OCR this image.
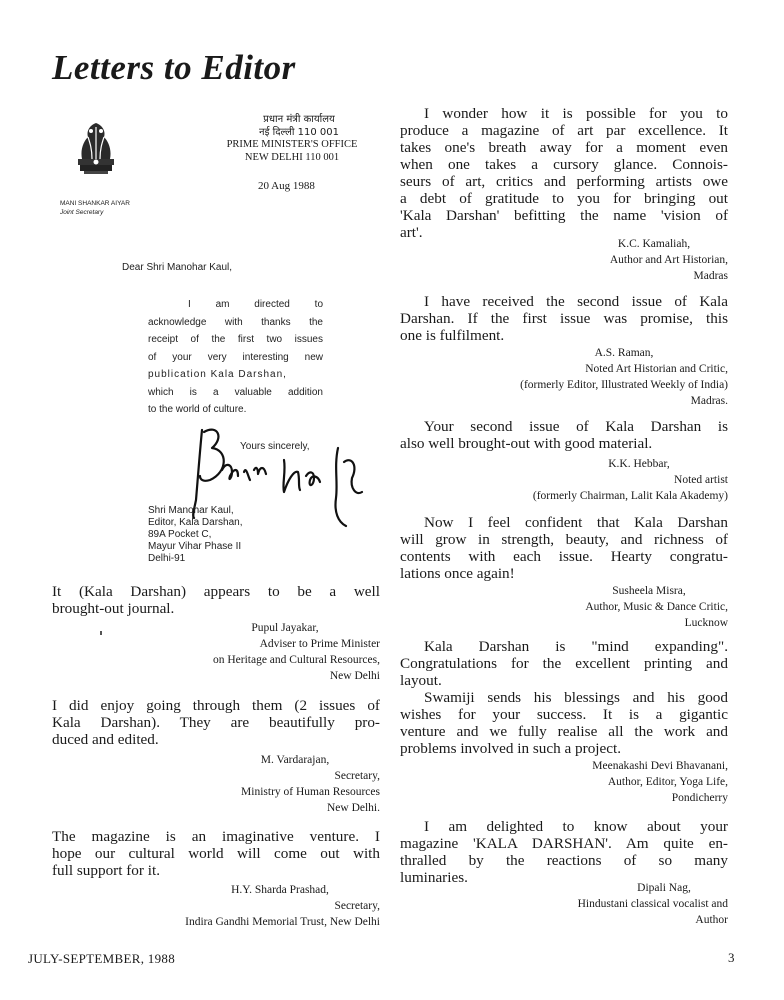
Letters to Editor
प्रधान मंत्री कार्यालय
नई दिल्ली 110 001
PRIME MINISTER'S OFFICE
NEW DELHI 110 001
20 Aug 1988
MANI SHANKAR AIYAR
Joint Secretary
Dear Shri Manohar Kaul,
I am directed to
acknowledge with thanks the
receipt of the first two issues
of your very interesting new
publication Kala Darshan,
which is a valuable addition
to the world of culture.
Yours sincerely,
Shri Manohar Kaul,
Editor, Kala Darshan,
89A Pocket C,
Mayur Vihar Phase II
Delhi-91
It (Kala Darshan) appears to be a well
brought-out journal.
Pupul Jayakar,
Adviser to Prime Minister
on Heritage and Cultural Resources,
New Delhi
I did enjoy going through them (2 issues of
Kala Darshan). They are beautifully pro-
duced and edited.
M. Vardarajan,
Secretary,
Ministry of Human Resources
New Delhi.
The magazine is an imaginative venture. I
hope our cultural world will come out with
full support for it.
H.Y. Sharda Prashad,
Secretary,
Indira Gandhi Memorial Trust, New Delhi
I wonder how it is possible for you to
produce a magazine of art par excellence. It
takes one's breath away for a moment even
when one takes a cursory glance. Connois-
seurs of art, critics and performing artists owe
a debt of gratitude to you for bringing out
'Kala Darshan' befitting the name 'vision of
art'.
K.C. Kamaliah,
Author and Art Historian,
Madras
I have received the second issue of Kala
Darshan. If the first issue was promise, this
one is fulfilment.
A.S. Raman,
Noted Art Historian and Critic,
(formerly Editor, Illustrated Weekly of India)
Madras.
Your second issue of Kala Darshan is
also well brought-out with good material.
K.K. Hebbar,
Noted artist
(formerly Chairman, Lalit Kala Akademy)
Now I feel confident that Kala Darshan
will grow in strength, beauty, and richness of
contents with each issue. Hearty congratu-
lations once again!
Susheela Misra,
Author, Music & Dance Critic,
Lucknow
Kala Darshan is "mind expanding".
Congratulations for the excellent printing and
layout.
Swamiji sends his blessings and his good
wishes for your success. It is a gigantic
venture and we fully realise all the work and
problems involved in such a project.
Meenakashi Devi Bhavanani,
Author, Editor, Yoga Life,
Pondicherry
I am delighted to know about your
magazine 'KALA DARSHAN'. Am quite en-
thralled by the reactions of so many
luminaries.
Dipali Nag,
Hindustani classical vocalist and
Author
JULY-SEPTEMBER, 1988	3
